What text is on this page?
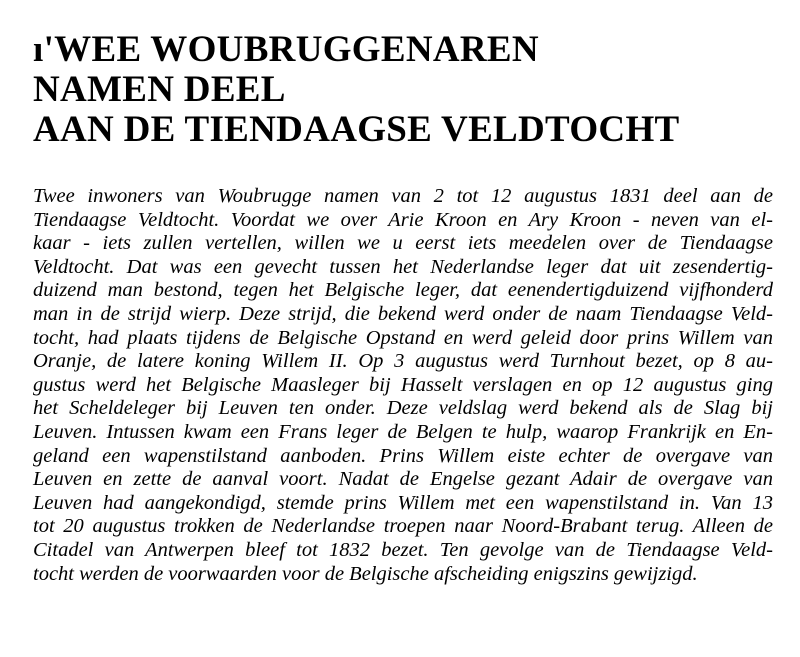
ı'WEE WOUBRUGGENAREN
NAMEN DEEL
AAN DE TIENDAAGSE VELDTOCHT
Twee inwoners van Woubrugge namen van 2 tot 12 augustus 1831 deel aan de
Tiendaagse Veldtocht. Voordat we over Arie Kroon en Ary Kroon - neven van el-
kaar - iets zullen vertellen, willen we u eerst iets meedelen over de Tiendaagse
Veldtocht. Dat was een gevecht tussen het Nederlandse leger dat uit zesendertig-
duizend man bestond, tegen het Belgische leger, dat eenendertigduizend vijfhonderd
man in de strijd wierp. Deze strijd, die bekend werd onder de naam Tiendaagse Veld-
tocht, had plaats tijdens de Belgische Opstand en werd geleid door prins Willem van
Oranje, de latere koning Willem II. Op 3 augustus werd Turnhout bezet, op 8 au-
gustus werd het Belgische Maasleger bij Hasselt verslagen en op 12 augustus ging
het Scheldeleger bij Leuven ten onder. Deze veldslag werd bekend als de Slag bij
Leuven. Intussen kwam een Frans leger de Belgen te hulp, waarop Frankrijk en En-
geland een wapenstilstand aanboden. Prins Willem eiste echter de overgave van
Leuven en zette de aanval voort. Nadat de Engelse gezant Adair de overgave van
Leuven had aangekondigd, stemde prins Willem met een wapenstilstand in. Van 13
tot 20 augustus trokken de Nederlandse troepen naar Noord-Brabant terug. Alleen de
Citadel van Antwerpen bleef tot 1832 bezet. Ten gevolge van de Tiendaagse Veld-
tocht werden de voorwaarden voor de Belgische afscheiding enigszins gewijzigd.
